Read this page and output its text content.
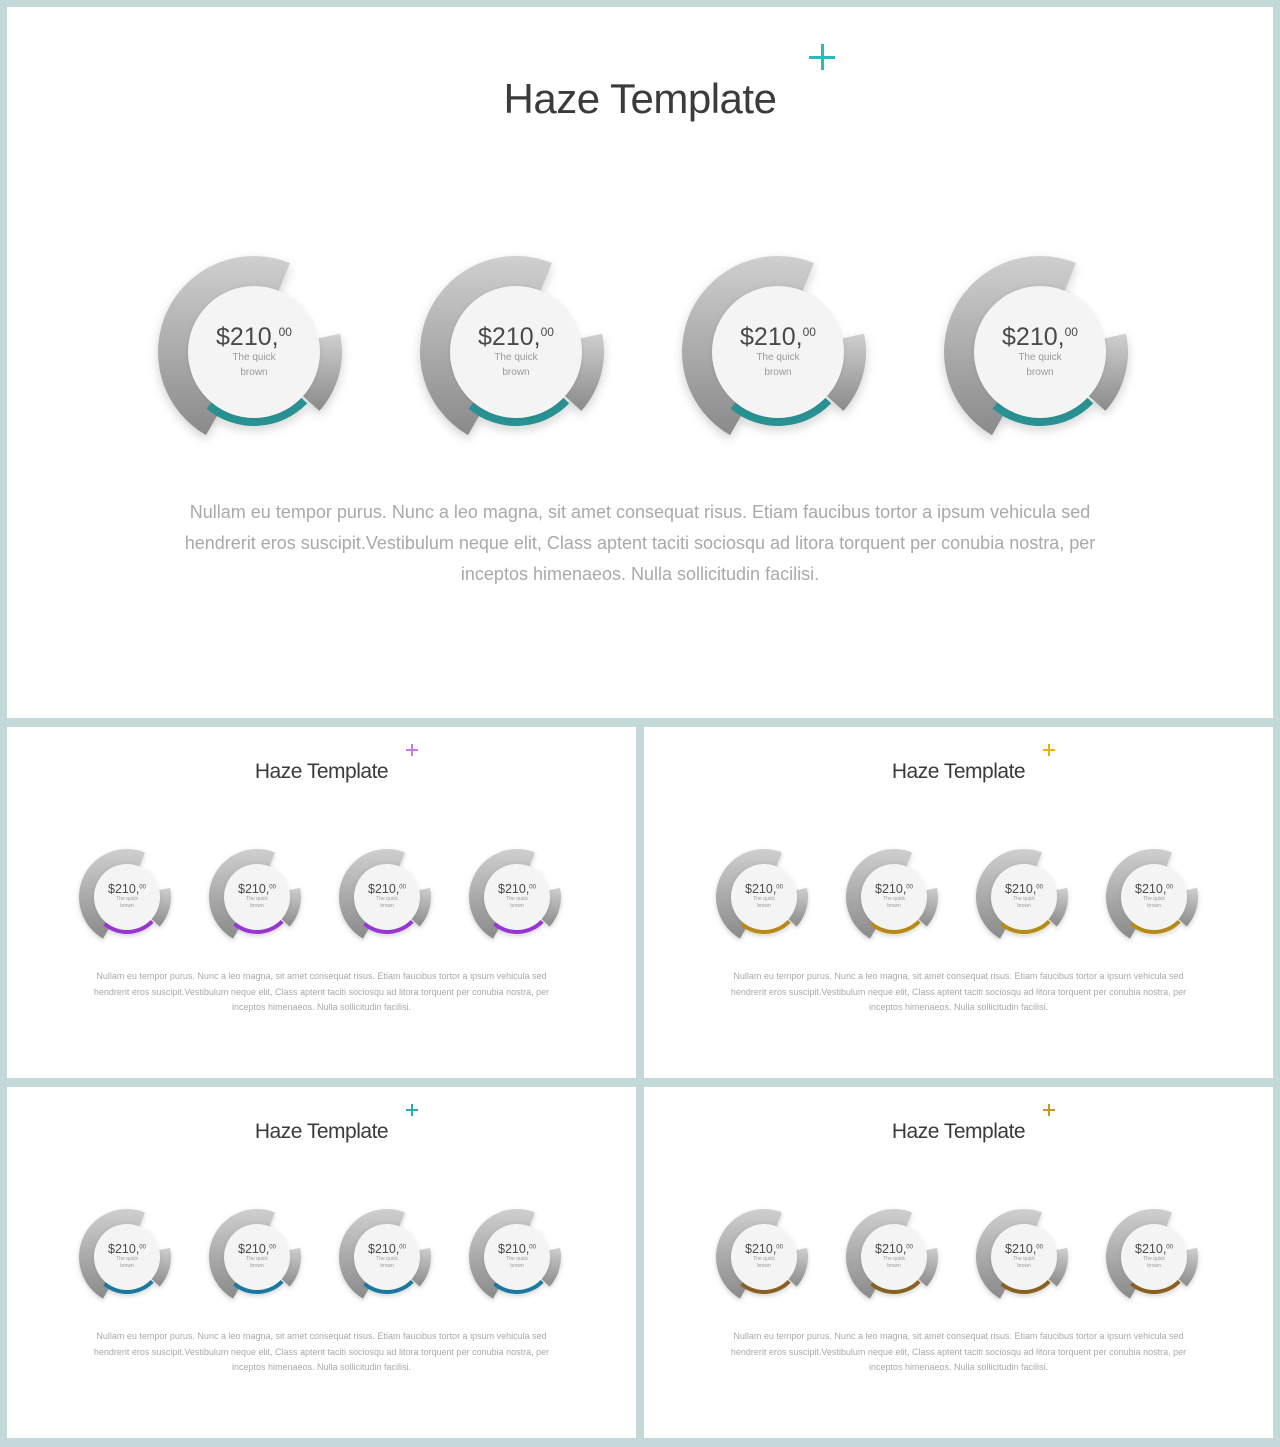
Haze Template
$210,00
The quick
brown
$210,00
The quick
brown
$210,00
The quick
brown
$210,00
The quick
brown

Nullam eu tempor purus. Nunc a leo magna, sit amet consequat risus. Etiam faucibus tortor a ipsum vehicula sed hendrerit eros suscipit.Vestibulum neque elit, Class aptent taciti sociosqu ad litora torquent per conubia nostra, per inceptos himenaeos. Nulla sollicitudin facilisi.

Haze Template
$210,00
The quick
brown
$210,00
The quick
brown
$210,00
The quick
brown
$210,00
The quick
brown

Nullam eu tempor purus. Nunc a leo magna, sit amet consequat risus. Etiam faucibus tortor a ipsum vehicula sed hendrerit eros suscipit.Vestibulum neque elit, Class aptent taciti sociosqu ad litora torquent per conubia nostra, per inceptos himenaeos. Nulla sollicitudin facilisi.

Haze Template
$210,00
The quick
brown
$210,00
The quick
brown
$210,00
The quick
brown
$210,00
The quick
brown

Nullam eu tempor purus. Nunc a leo magna, sit amet consequat risus. Etiam faucibus tortor a ipsum vehicula sed hendrerit eros suscipit.Vestibulum neque elit, Class aptent taciti sociosqu ad litora torquent per conubia nostra, per inceptos himenaeos. Nulla sollicitudin facilisi.

Haze Template
$210,00
The quick
brown
$210,00
The quick
brown
$210,00
The quick
brown
$210,00
The quick
brown

Nullam eu tempor purus. Nunc a leo magna, sit amet consequat risus. Etiam faucibus tortor a ipsum vehicula sed hendrerit eros suscipit.Vestibulum neque elit, Class aptent taciti sociosqu ad litora torquent per conubia nostra, per inceptos himenaeos. Nulla sollicitudin facilisi.

Haze Template
$210,00
The quick
brown
$210,00
The quick
brown
$210,00
The quick
brown
$210,00
The quick
brown

Nullam eu tempor purus. Nunc a leo magna, sit amet consequat risus. Etiam faucibus tortor a ipsum vehicula sed hendrerit eros suscipit.Vestibulum neque elit, Class aptent taciti sociosqu ad litora torquent per conubia nostra, per inceptos himenaeos. Nulla sollicitudin facilisi.
